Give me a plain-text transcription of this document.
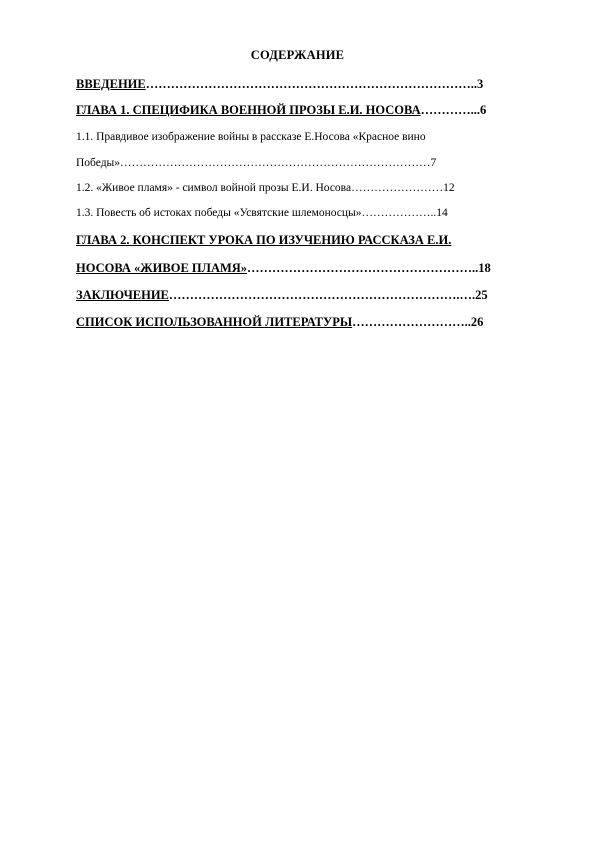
СОДЕРЖАНИЕ
ВВЕДЕНИЕ……………………………………………………………………..3
ГЛАВА 1. СПЕЦИФИКА ВОЕННОЙ ПРОЗЫ Е.И. НОСОВА…………...6
1.1. Правдивое изображение войны в рассказе Е.Носова «Красное вино
Победы»………………………………………………………………………7
1.2. «Живое пламя» - символ войной прозы Е.И. Носова……………………12
1.3. Повесть об истоках победы «Усвятские шлемоносцы»………………..14
ГЛАВА 2. КОНСПЕКТ УРОКА ПО ИЗУЧЕНИЮ РАССКАЗА Е.И.
НОСОВА «ЖИВОЕ ПЛАМЯ»………………………………………………..18
ЗАКЛЮЧЕНИЕ…………………………………………………………….….25
СПИСОК ИСПОЛЬЗОВАННОЙ ЛИТЕРАТУРЫ………………………..26
